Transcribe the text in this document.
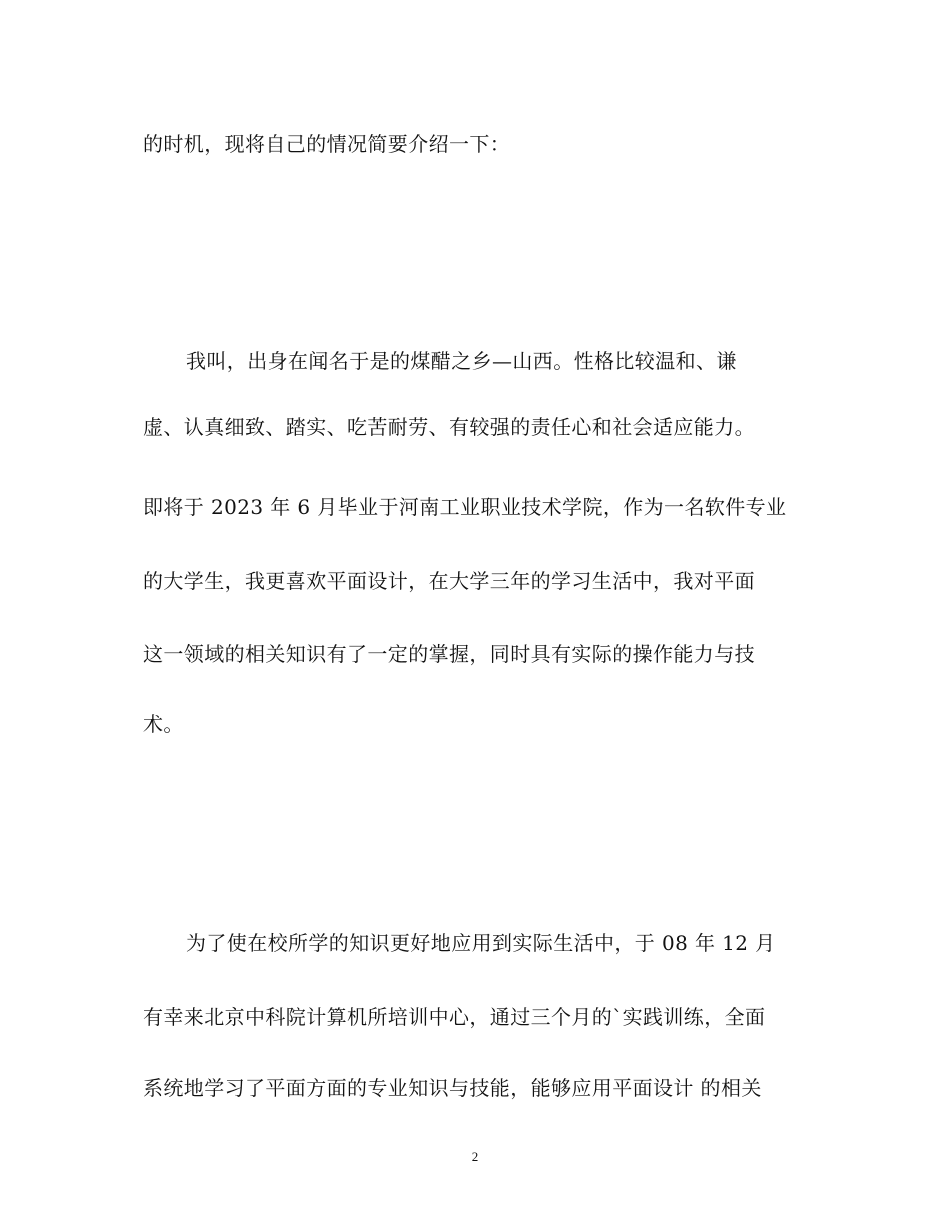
的时机，现将自己的情况简要介绍一下：
我叫，出身在闻名于是的煤醋之乡—山西。性格比较温和、谦
虚、认真细致、踏实、吃苦耐劳、有较强的责任心和社会适应能力。
即将于 2023 年 6 月毕业于河南工业职业技术学院，作为一名软件专业
的大学生，我更喜欢平面设计，在大学三年的学习生活中，我对平面
这一领域的相关知识有了一定的掌握，同时具有实际的操作能力与技
术。
为了使在校所学的知识更好地应用到实际生活中，于 08 年 12 月
有幸来北京中科院计算机所培训中心，通过三个月的`实践训练，全面
系统地学习了平面方面的专业知识与技能，能够应用平面设计 的相关
2
